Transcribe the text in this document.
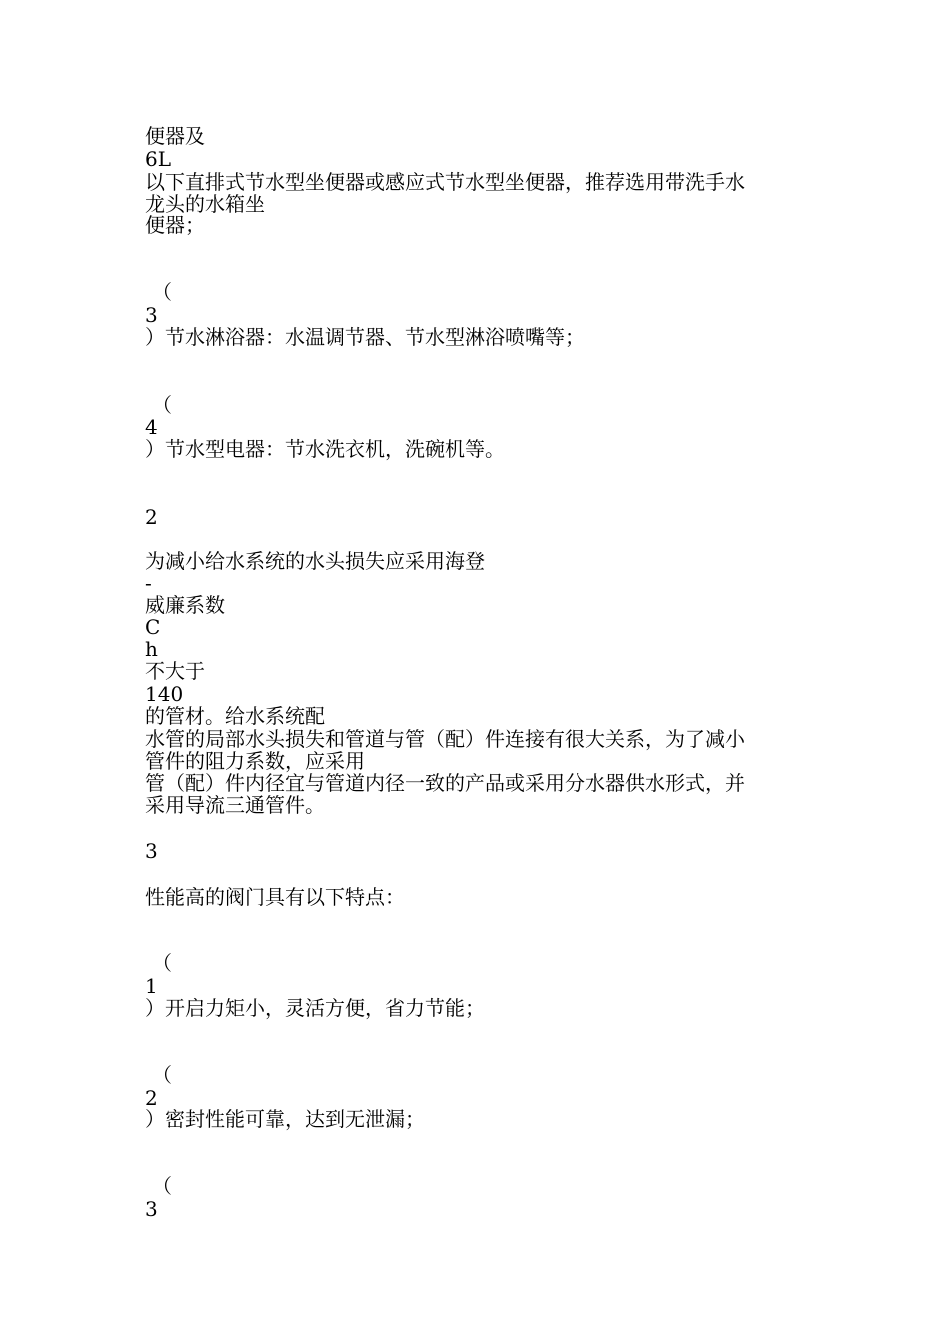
便器及
6L
以下直排式节水型坐便器或感应式节水型坐便器，推荐选用带洗手水
龙头的水箱坐
便器；
（
3
）节水淋浴器：水温调节器、节水型淋浴喷嘴等；
（
4
）节水型电器：节水洗衣机，洗碗机等。
2
为减小给水系统的水头损失应采用海登
-
威廉系数
C
h
不大于
140
的管材。给水系统配
水管的局部水头损失和管道与管（配）件连接有很大关系，为了减小
管件的阻力系数，应采用
管（配）件内径宜与管道内径一致的产品或采用分水器供水形式，并
采用导流三通管件。
3
性能高的阀门具有以下特点：
（
1
）开启力矩小，灵活方便，省力节能；
（
2
）密封性能可靠，达到无泄漏；
（
3
